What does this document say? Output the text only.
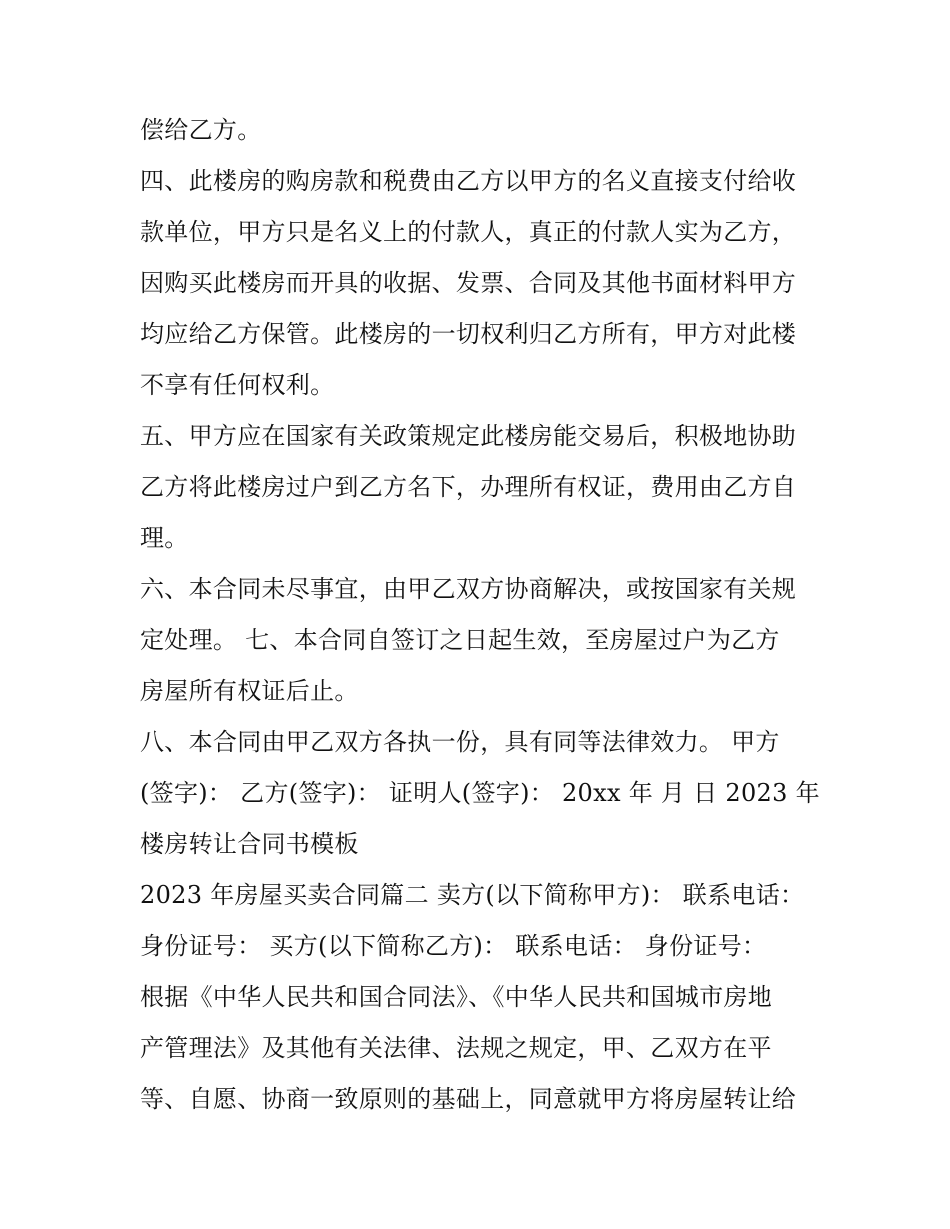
偿给乙方。
四、此楼房的购房款和税费由乙方以甲方的名义直接支付给收
款单位，甲方只是名义上的付款人，真正的付款人实为乙方，
因购买此楼房而开具的收据、发票、合同及其他书面材料甲方
均应给乙方保管。此楼房的一切权利归乙方所有，甲方对此楼
不享有任何权利。
五、甲方应在国家有关政策规定此楼房能交易后，积极地协助
乙方将此楼房过户到乙方名下，办理所有权证，费用由乙方自
理。
六、本合同未尽事宜，由甲乙双方协商解决，或按国家有关规
定处理。 七、本合同自签订之日起生效，至房屋过户为乙方
房屋所有权证后止。
八、本合同由甲乙双方各执一份，具有同等法律效力。 甲方
(签字)： 乙方(签字)： 证明人(签字)： 20xx 年 月 日 2023 年
楼房转让合同书模板
2023 年房屋买卖合同篇二 卖方(以下简称甲方)： 联系电话：
身份证号： 买方(以下简称乙方)： 联系电话： 身份证号：
根据《中华人民共和国合同法》、《中华人民共和国城市房地
产管理法》及其他有关法律、法规之规定，甲、乙双方在平
等、自愿、协商一致原则的基础上，同意就甲方将房屋转让给
